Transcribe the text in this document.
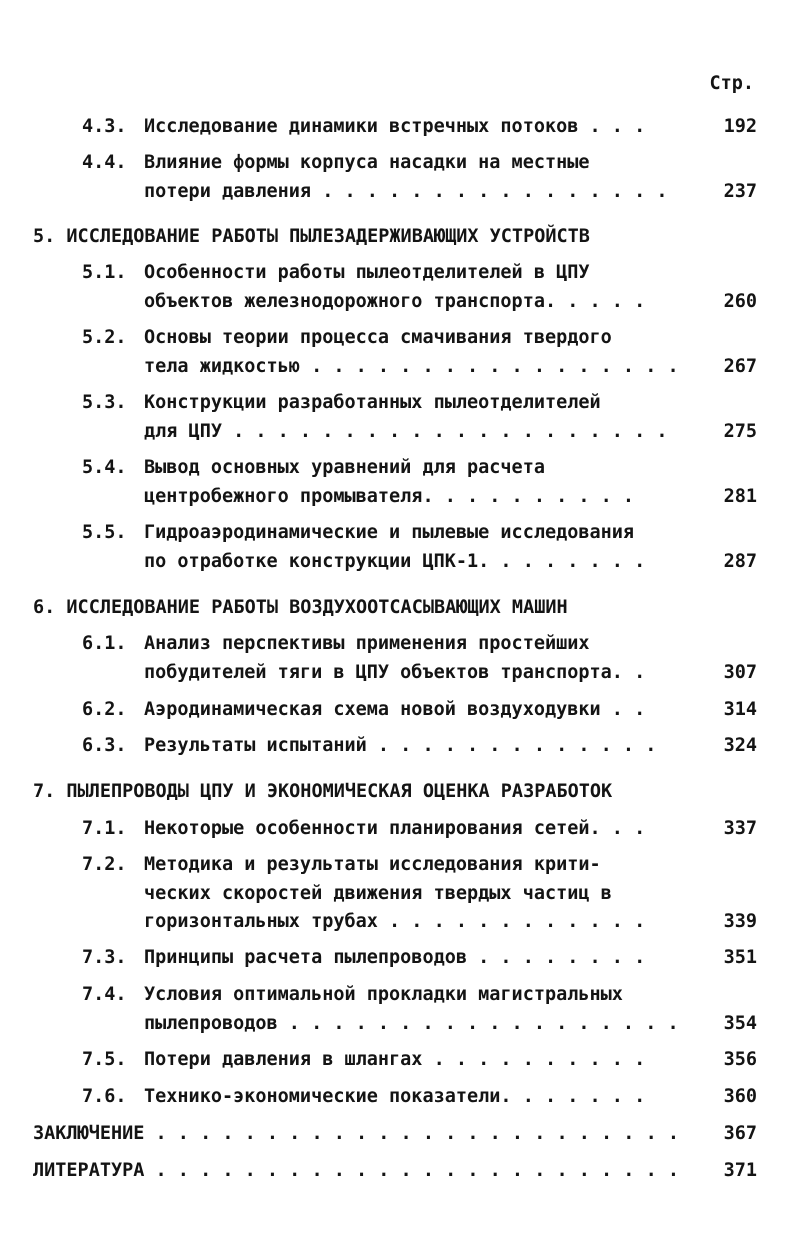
Стр.
4.3. Исследование динамики встречных потоков . . .	192
4.4. Влияние формы корпуса насадки на местные
потери давления . . . . . . . . . . . . . . . .	237
5. ИССЛЕДОВАНИЕ РАБОТЫ ПЫЛЕЗАДЕРЖИВАЮЩИХ УСТРОЙСТВ
5.1. Особенности работы пылеотделителей в ЦПУ
объектов железнодорожного транспорта. . . . .	260
5.2. Основы теории процесса смачивания твердого
тела жидкостью . . . . . . . . . . . . . . . . . 267
5.3. Конструкции разработанных пылеотделителей
для ЦПУ . . . . . . . . . . . . . . . . . . . .	275
5.4. Вывод основных уравнений для расчета
центробежного промывателя. . . . . . . . . .	281
5.5. Гидроаэродинамические и пылевые исследования
по отработке конструкции ЦПК-1. . . . . . . .	287
6. ИССЛЕДОВАНИЕ РАБОТЫ ВОЗДУХООТСАСЫВАЮЩИХ МАШИН
6.1. Анализ перспективы применения простейших
побудителей тяги в ЦПУ объектов транспорта. .	307
6.2. Аэродинамическая схема новой воздуходувки . .	314
6.3. Результаты испытаний . . . . . . . . . . . . .	324
7. ПЫЛЕПРОВОДЫ ЦПУ И ЭКОНОМИЧЕСКАЯ ОЦЕНКА РАЗРАБОТОК
7.1. Некоторые особенности планирования сетей. . .	337
7.2. Методика и результаты исследования крити-
ческих скоростей движения твердых частиц в
горизонтальных трубах . . . . . . . . . . . .	339
7.3. Принципы расчета пылепроводов . . . . . . . .	351
7.4. Условия оптимальной прокладки магистральных
пылепроводов . . . . . . . . . . . . . . . . . . 354
7.5. Потери давления в шлангах . . . . . . . . . .	356
7.6. Технико-экономические показатели. . . . . . .	360
ЗАКЛЮЧЕНИЕ . . . . . . . . . . . . . . . . . . . . . . . . 367
ЛИТЕРАТУРА . . . . . . . . . . . . . . . . . . . . . . . . 371
